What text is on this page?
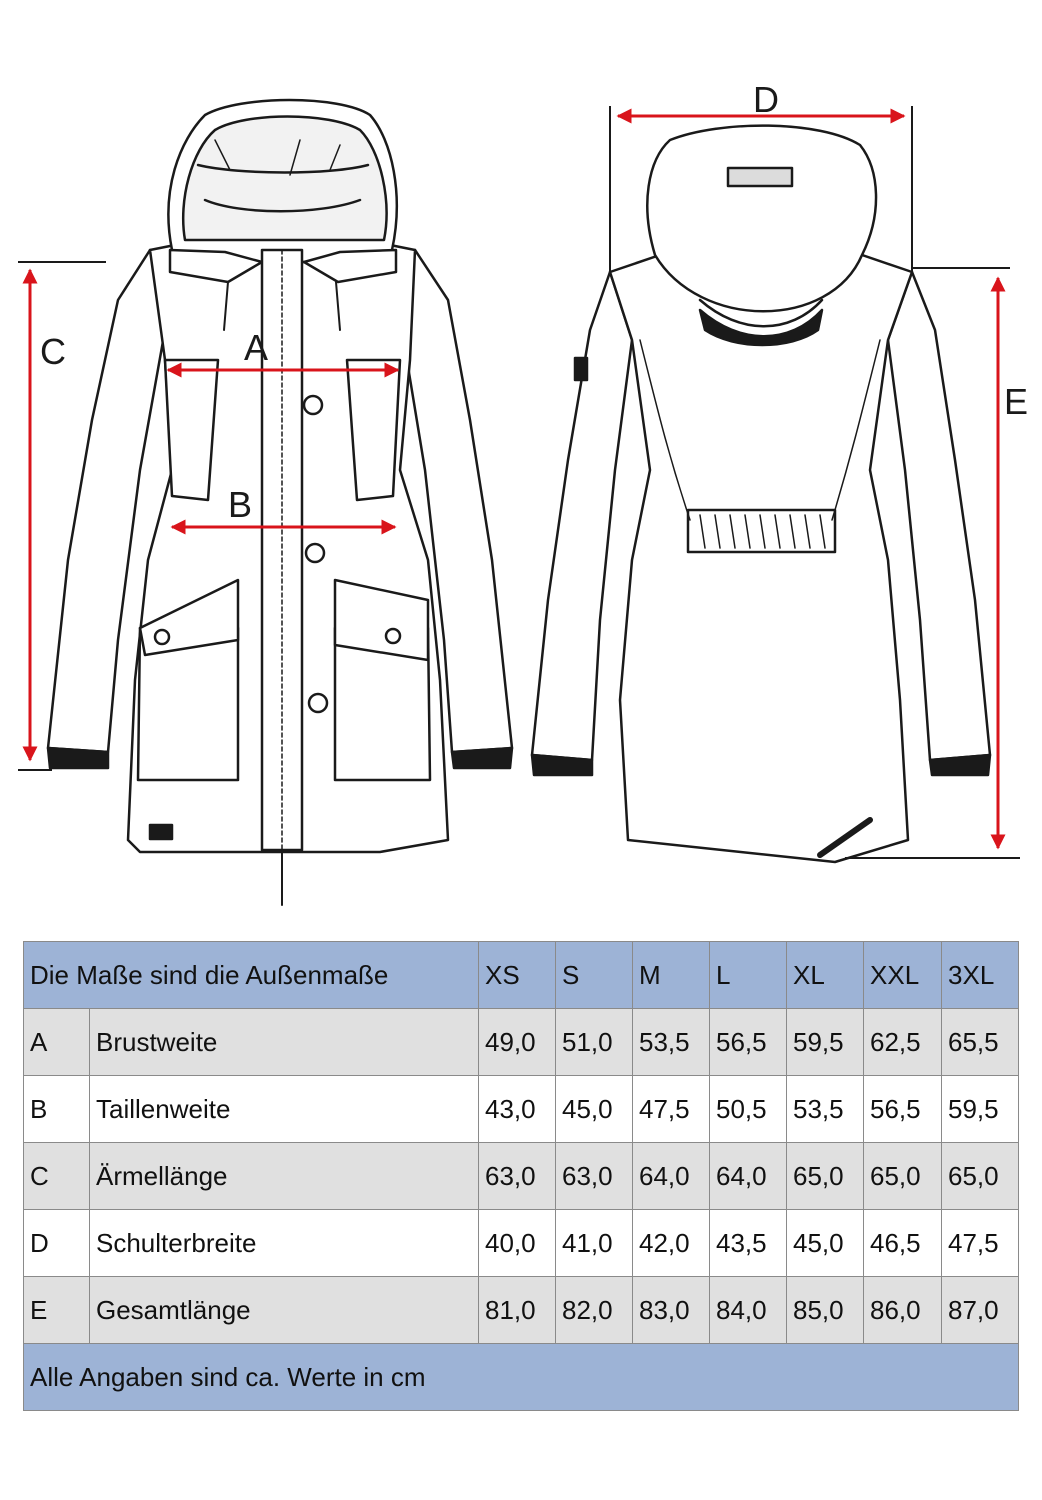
C	A
B
D
E
Die Maße sind die Außenmaße		XS	S	M	L	XL	XXL	3XL
A	Brustweite	49,0	51,0	53,5	56,5	59,5	62,5	65,5
B	Taillenweite	43,0	45,0	47,5	50,5	53,5	56,5	59,5
C	Ärmellänge	63,0	63,0	64,0	64,0	65,0	65,0	65,0
D	Schulterbreite	40,0	41,0	42,0	43,5	45,0	46,5	47,5
E	Gesamtlänge	81,0	82,0	83,0	84,0	85,0	86,0	87,0
Alle Angaben sind ca. Werte in cm								
